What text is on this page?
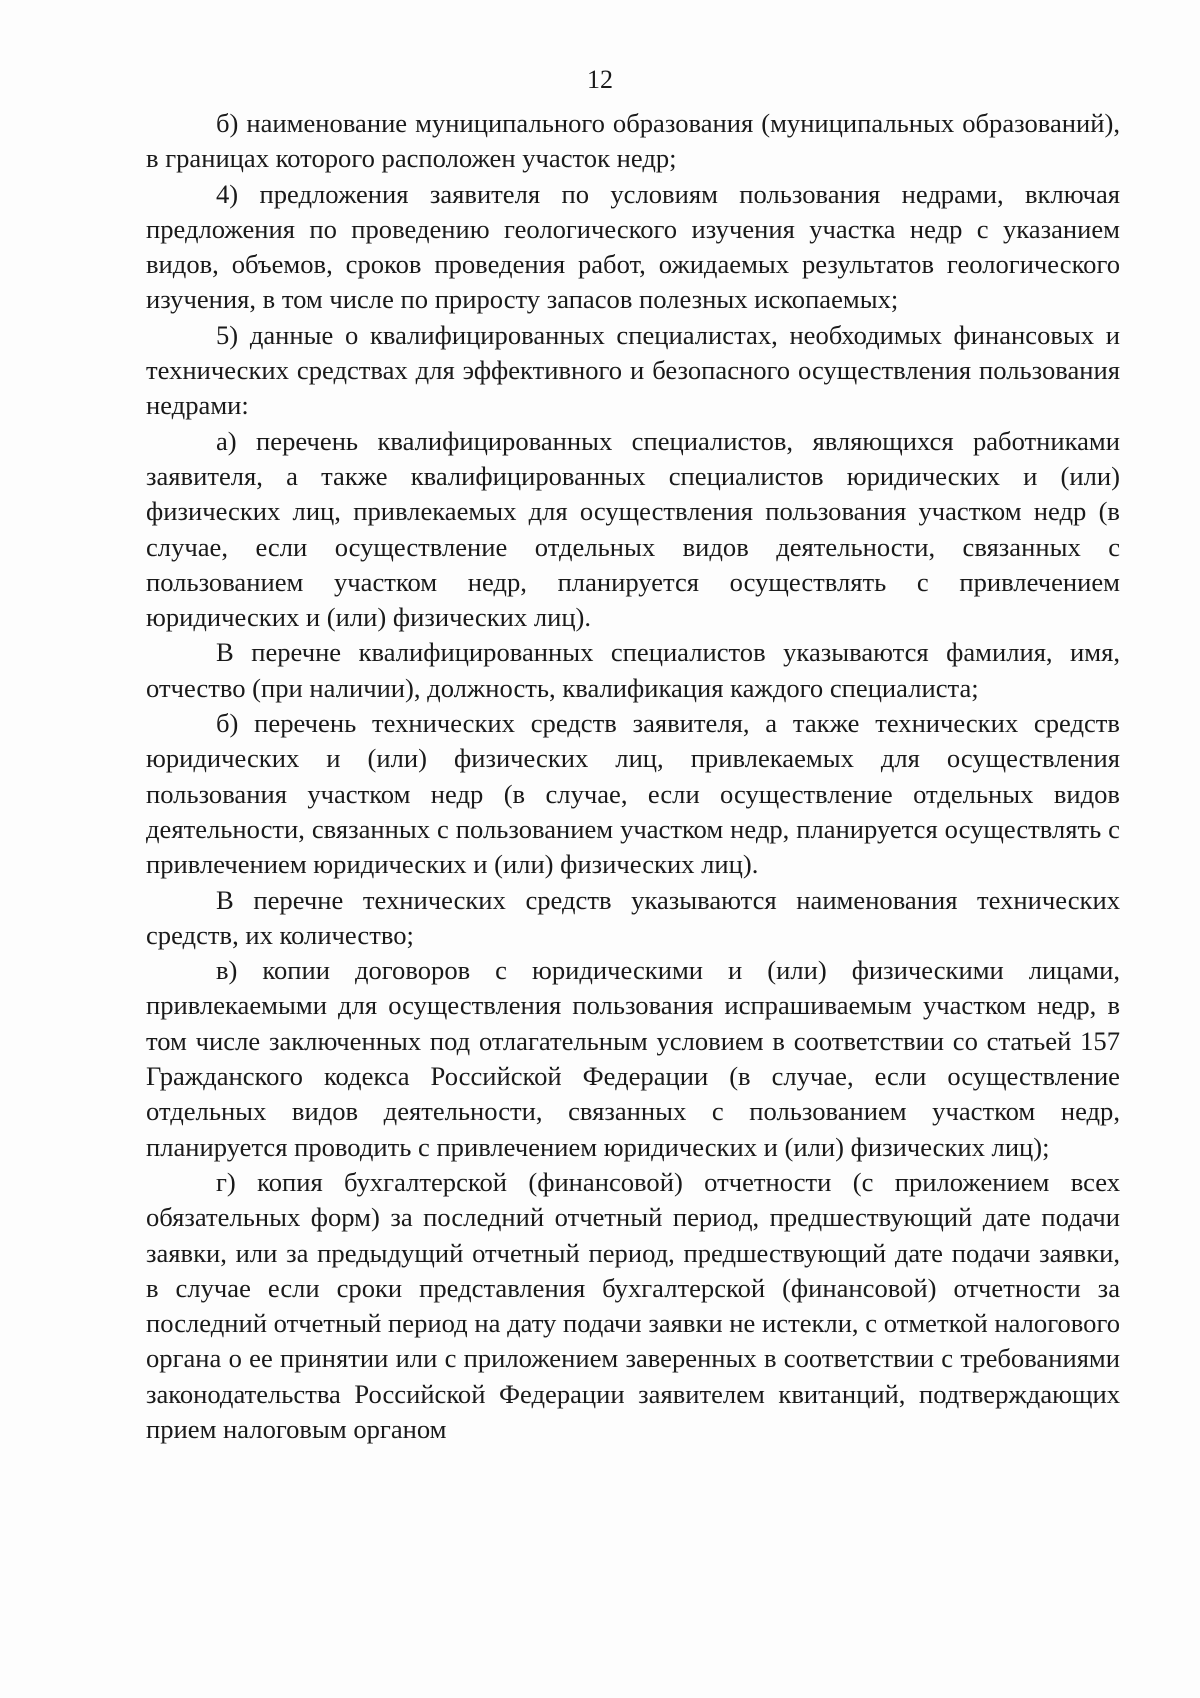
12

б) наименование муниципального образования (муниципальных образований), в границах которого расположен участок недр;

4) предложения заявителя по условиям пользования недрами, включая предложения по проведению геологического изучения участка недр с указанием видов, объемов, сроков проведения работ, ожидаемых результатов геологического изучения, в том числе по приросту запасов полезных ископаемых;

5) данные о квалифицированных специалистах, необходимых финансовых и технических средствах для эффективного и безопасного осуществления пользования недрами:

а) перечень квалифицированных специалистов, являющихся работниками заявителя, а также квалифицированных специалистов юридических и (или) физических лиц, привлекаемых для осуществления пользования участком недр (в случае, если осуществление отдельных видов деятельности, связанных с пользованием участком недр, планируется осуществлять с привлечением юридических и (или) физических лиц).

В перечне квалифицированных специалистов указываются фамилия, имя, отчество (при наличии), должность, квалификация каждого специалиста;

б) перечень технических средств заявителя, а также технических средств юридических и (или) физических лиц, привлекаемых для осуществления пользования участком недр (в случае, если осуществление отдельных видов деятельности, связанных с пользованием участком недр, планируется осуществлять с привлечением юридических и (или) физических лиц).

В перечне технических средств указываются наименования технических средств, их количество;

в) копии договоров с юридическими и (или) физическими лицами, привлекаемыми для осуществления пользования испрашиваемым участком недр, в том числе заключенных под отлагательным условием в соответствии со статьей 157 Гражданского кодекса Российской Федерации (в случае, если осуществление отдельных видов деятельности, связанных с пользованием участком недр, планируется проводить с привлечением юридических и (или) физических лиц);

г) копия бухгалтерской (финансовой) отчетности (с приложением всех обязательных форм) за последний отчетный период, предшествующий дате подачи заявки, или за предыдущий отчетный период, предшествующий дате подачи заявки, в случае если сроки представления бухгалтерской (финансовой) отчетности за последний отчетный период на дату подачи заявки не истекли, с отметкой налогового органа о ее принятии или с приложением заверенных в соответствии с требованиями законодательства Российской Федерации заявителем квитанций, подтверждающих прием налоговым органом
